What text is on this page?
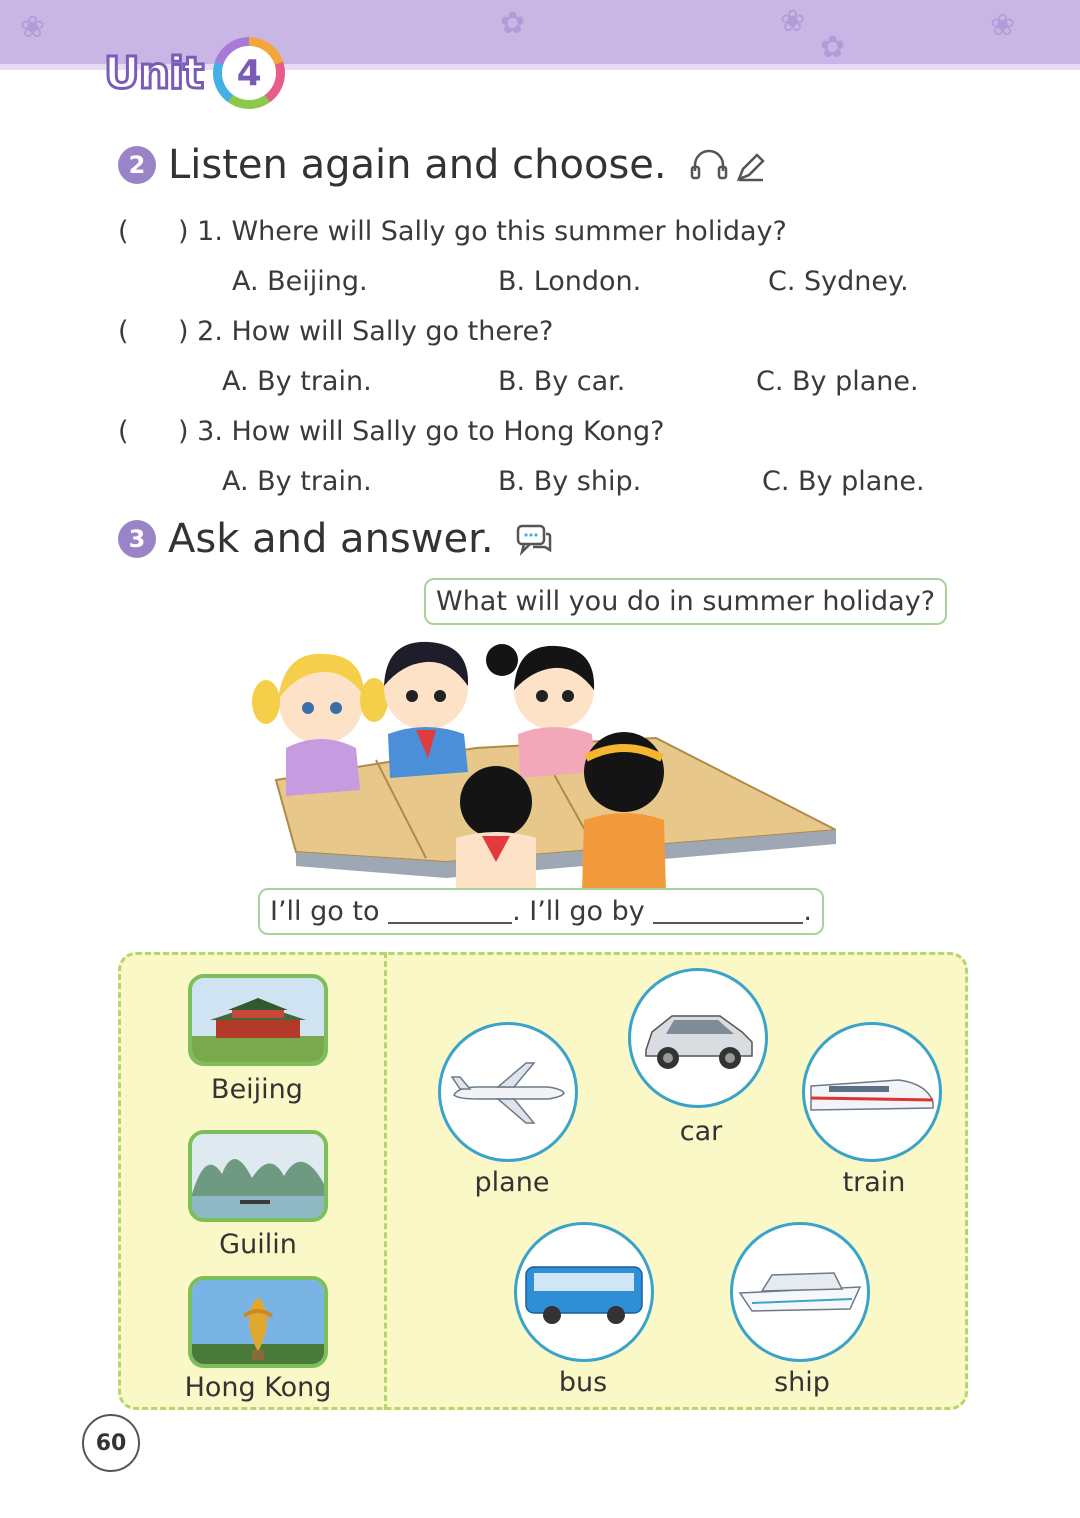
❀	✿	❀
✿
❀
Unit 4
2 Listen again and choose.
( ) 1. Where will Sally go this summer holiday?
A. Beijing.	B. London.	C. Sydney.
( ) 2. How will Sally go there?
A. By train.	B. By car.	C. By plane.
( ) 3. How will Sally go to Hong Kong?
A. By train.	B. By ship.	C. By plane.
3 Ask and answer.
What will you do in summer holiday?
I’ll go to	. I’ll go by	.
Beijing
Guilin
Hong Kong
plane
car
train
bus	ship
60
